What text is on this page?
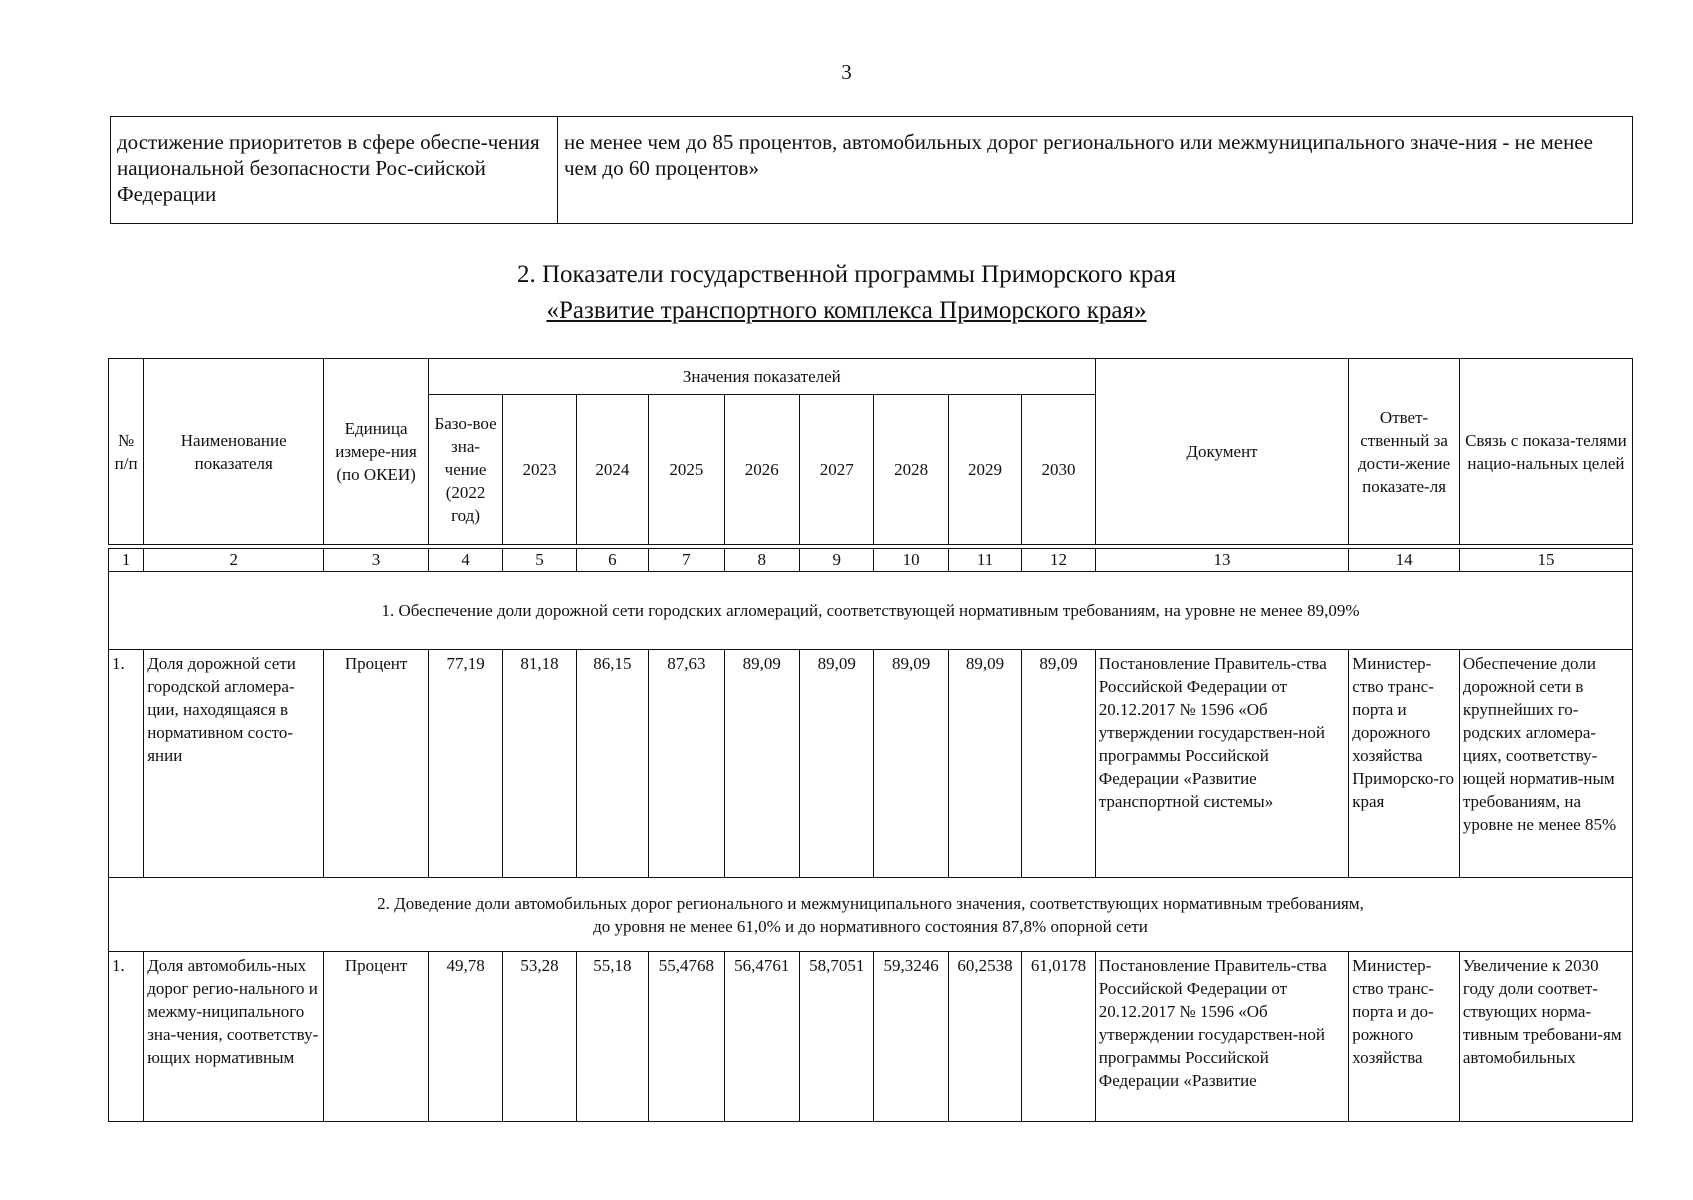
3
достижение приоритетов в сфере обеспе-чения национальной безопасности Рос-сийской Федерации	не менее чем до 85 процентов, автомобильных дорог регионального или межмуниципального значе-ния - не менее чем до 60 процентов»
2. Показатели государственной программы Приморского края
«Развитие транспортного комплекса Приморского края»
№ п/п	Наименование показателя	Единица измере-ния (по ОКЕИ)	Значения показателей									Документ	Ответ-ственный за дости-жение показате-ля	Связь с показа-телями нацио-нальных целей
			Базо-вое зна-чение (2022 год)	2023	2024	2025	2026	2027	2028	2029	2030			

1	2	3	4	5	6	7	8	9	10	11	12	13	14	15
1. Обеспечение доли дорожной сети городских агломераций, соответствующей нормативным требованиям, на уровне не менее 89,09%														
1.	Доля дорожной сети городской агломера-ции, находящаяся в нормативном состо-янии	Процент	77,19	81,18	86,15	87,63	89,09	89,09	89,09	89,09	89,09	Постановление Правитель-ства Российской Федерации от 20.12.2017 № 1596 «Об утверждении государствен-ной программы Российской Федерации «Развитие транспортной системы»	Министер-ство транс-порта и дорожного хозяйства Приморско-го края	Обеспечение доли дорожной сети в крупнейших го-родских агломера-циях, соответству-ющей норматив-ным требованиям, на уровне не менее 85%

2. Доведение доли автомобильных дорог регионального и межмуниципального значения, соответствующих нормативным требованиям,
до уровня не менее 61,0% и до нормативного состояния 87,8% опорной сети														

1.	Доля автомобиль-ных дорог регио-нального и межму-ниципального зна-чения, соответству-ющих нормативным	Процент	49,78	53,28	55,18	55,4768	56,4761	58,7051	59,3246	60,2538	61,0178	Постановление Правитель-ства Российской Федерации от 20.12.2017 № 1596 «Об утверждении государствен-ной программы Российской Федерации «Развитие	Министер-ство транс-порта и до-рожного хозяйства	Увеличение к 2030 году доли соответ-ствующих норма-тивным требовани-ям автомобильных
